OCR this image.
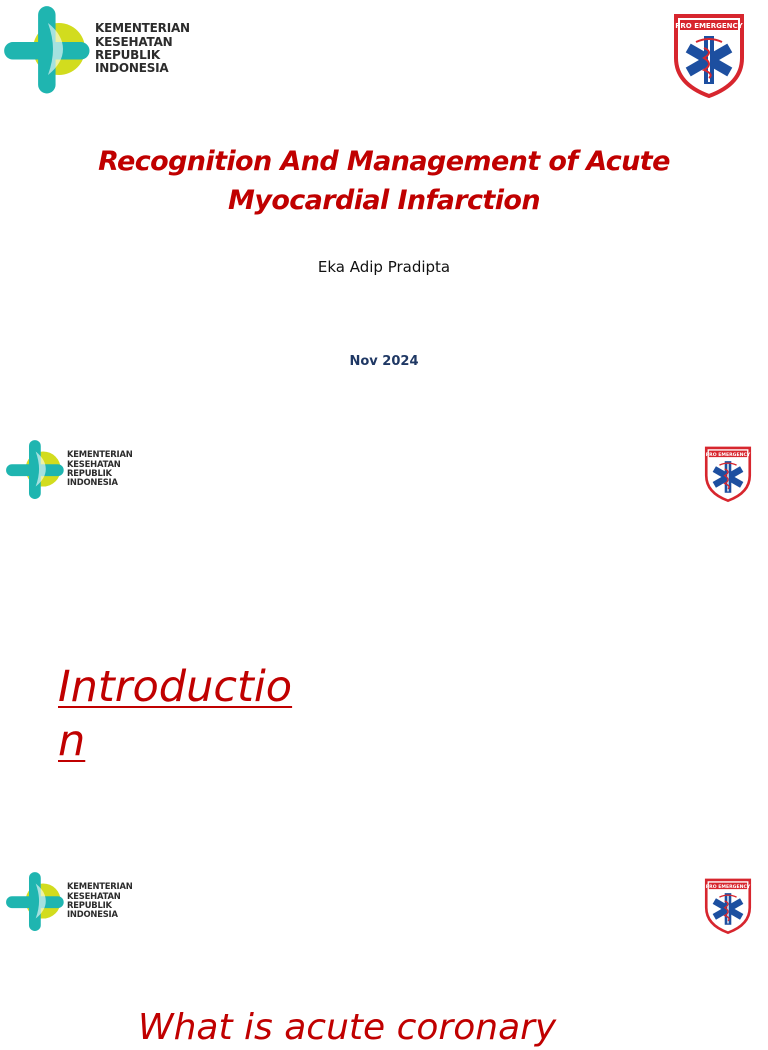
KEMENTERIAN
KESEHATAN
REPUBLIK
INDONESIA
PRO EMERGENCY
Recognition And Management of Acute Myocardial Infarction
Eka Adip Pradipta
Nov 2024
KEMENTERIAN
KESEHATAN
REPUBLIK
INDONESIA
PRO EMERGENCY
Introduction
KEMENTERIAN
KESEHATAN
REPUBLIK
INDONESIA
PRO EMERGENCY
What is acute coronary
